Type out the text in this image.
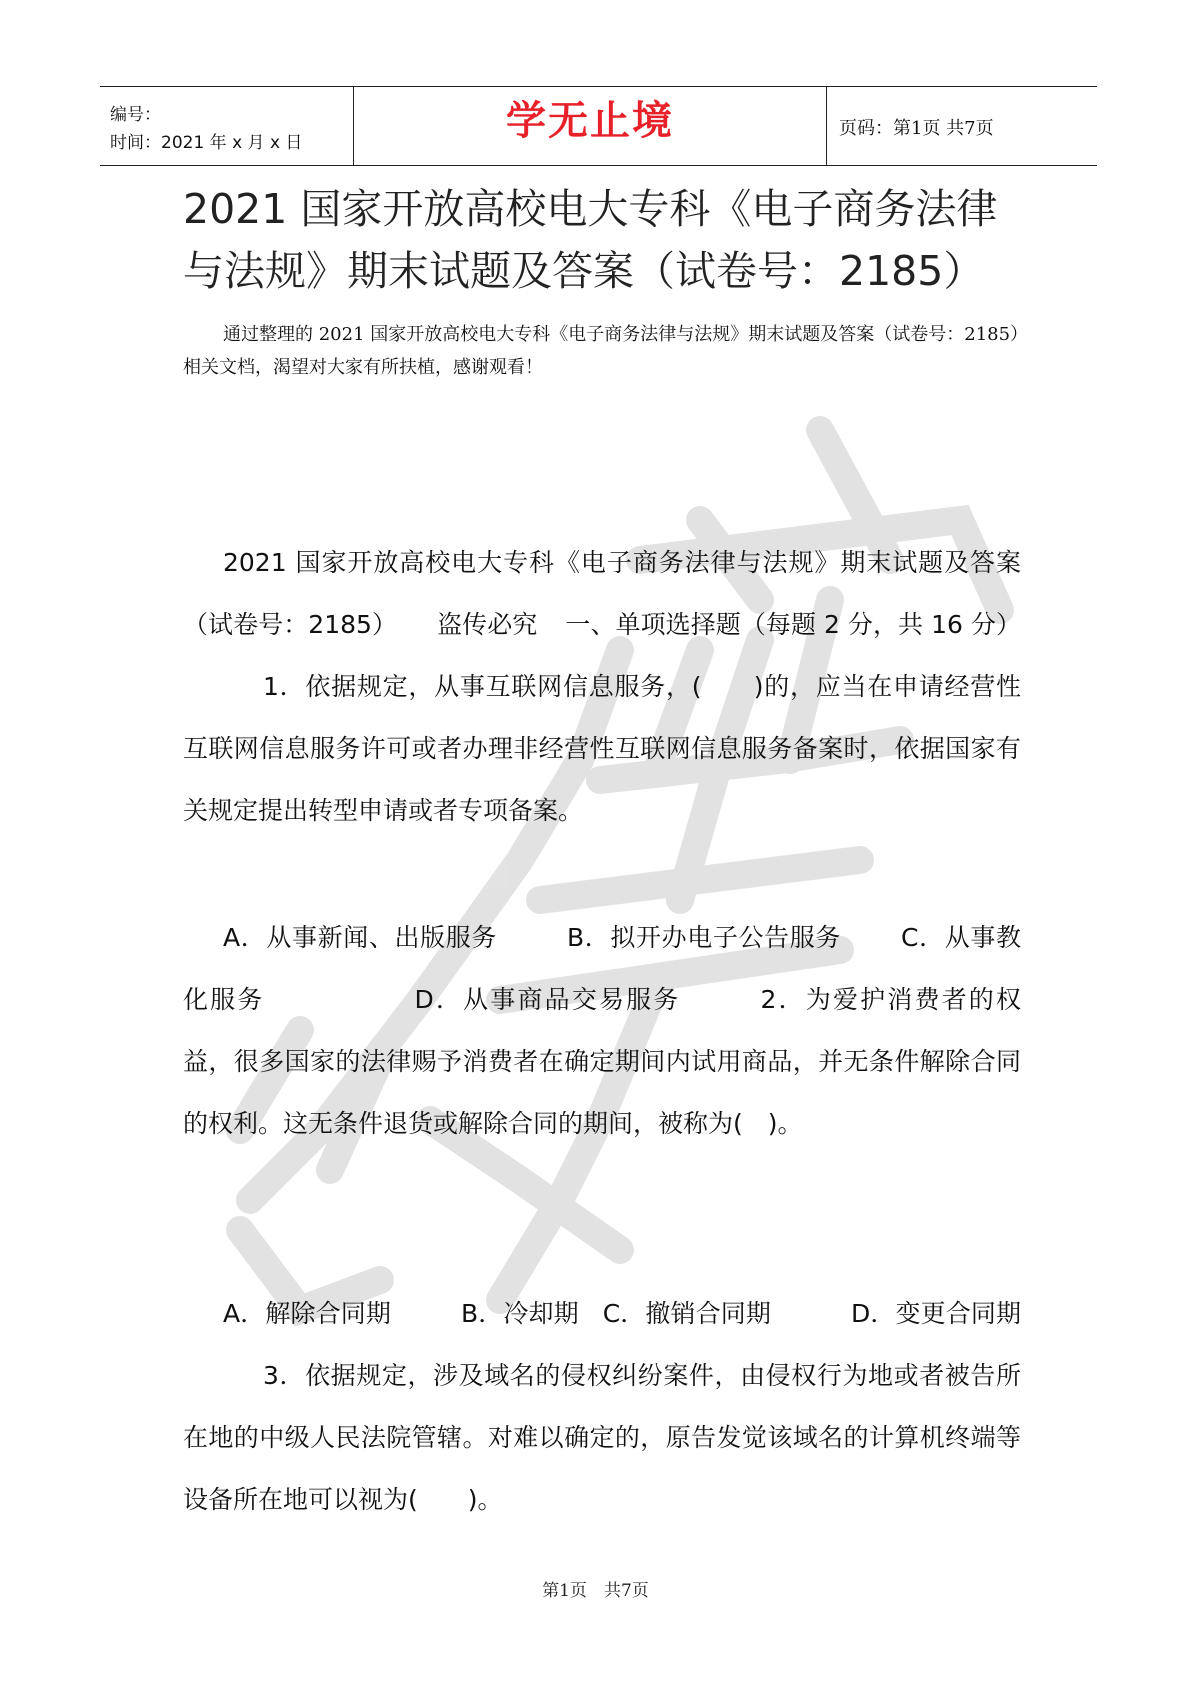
编号：
时间：2021 年 x 月 x 日	学无止境	页码：第1页 共7页
2021 国家开放高校电大专科《电子商务法律与法规》期末试题及答案（试卷号：2185）
通过整理的 2021 国家开放高校电大专科《电子商务法律与法规》期末试题及答案（试卷号：2185）相关文档，渴望对大家有所扶植，感谢观看！
2021 国家开放高校电大专科《电子商务法律与法规》期末试题及答案（试卷号：2185） 盗传必究 一、单项选择题（每题 2 分，共 16 分）1．依据规定，从事互联网信息服务，(　　)的，应当在申请经营性互联网信息服务许可或者办理非经营性互联网信息服务备案时，依据国家有关规定提出转型申请或者专项备案。
A．从事新闻、出版服务	B．拟开办电子公告服务 C．从事教化服务	D．从事商品交易服务	2．为爱护消费者的权益，很多国家的法律赐予消费者在确定期间内试用商品，并无条件解除合同的权利。这无条件退货或解除合同的期间，被称为(　)。
A．解除合同期	B．冷却期 C．撤销合同期	D．变更合同期3．依据规定，涉及域名的侵权纠纷案件，由侵权行为地或者被告所在地的中级人民法院管辖。对难以确定的，原告发觉该域名的计算机终端等设备所在地可以视为(　　)。
第1页　共7页
